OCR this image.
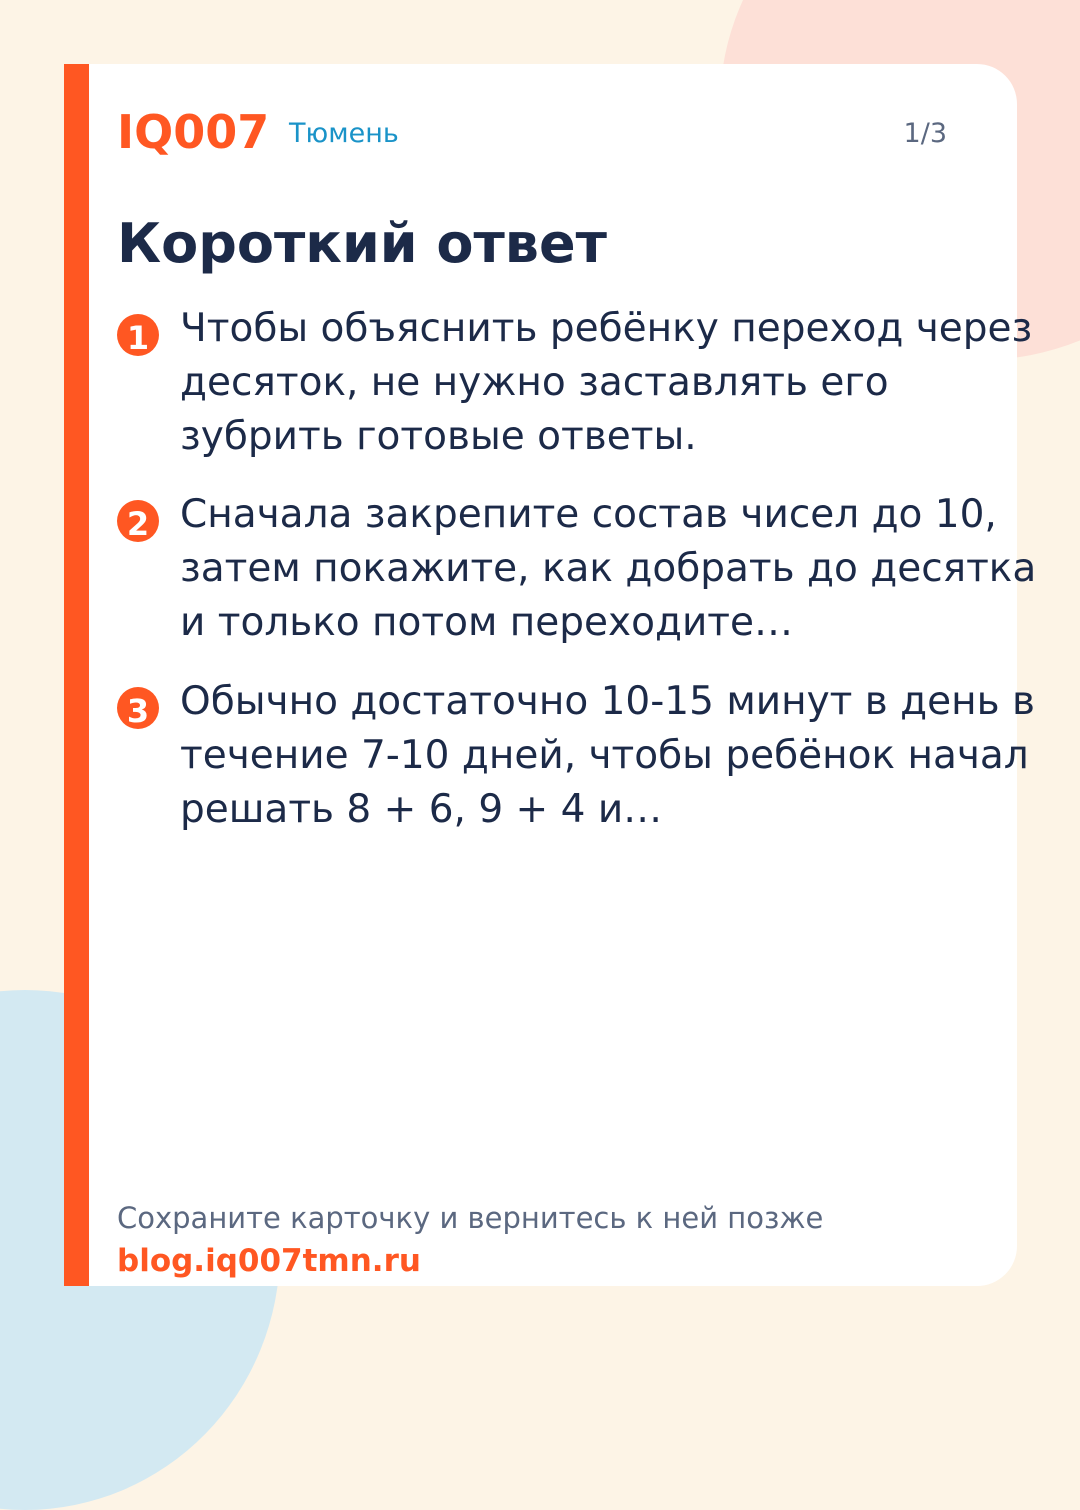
IQ007 Тюмень	1/3
Короткий ответ
1 Чтобы объяснить ребёнку переход через десяток, не нужно заставлять его зубрить готовые ответы.
2 Сначала закрепите состав чисел до 10, затем покажите, как добрать до десятка и только потом переходите…
3 Обычно достаточно 10-15 минут в день в течение 7-10 дней, чтобы ребёнок начал решать 8 + 6, 9 + 4 и…
Сохраните карточку и вернитесь к ней позже
blog.iq007tmn.ru
